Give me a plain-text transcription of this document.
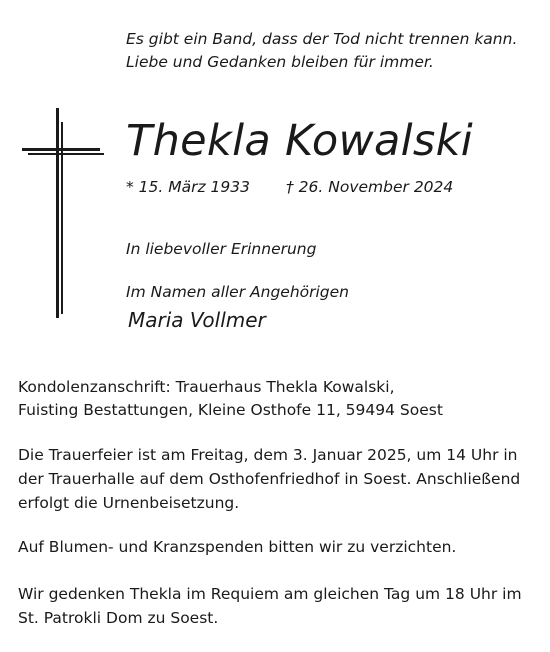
Es gibt ein Band, dass der Tod nicht trennen kann.
Liebe und Gedanken bleiben für immer.
Thekla Kowalski
* 15. März 1933 † 26. November 2024
In liebevoller Erinnerung
Im Namen aller Angehörigen
Maria Vollmer
Kondolenzanschrift: Trauerhaus Thekla Kowalski,
Fuisting Bestattungen, Kleine Osthofe 11, 59494 Soest
Die Trauerfeier ist am Freitag, dem 3. Januar 2025, um 14 Uhr in
der Trauerhalle auf dem Osthofenfriedhof in Soest. Anschließend
erfolgt die Urnenbeisetzung.
Auf Blumen- und Kranzspenden bitten wir zu verzichten.
Wir gedenken Thekla im Requiem am gleichen Tag um 18 Uhr im
St. Patrokli Dom zu Soest.
